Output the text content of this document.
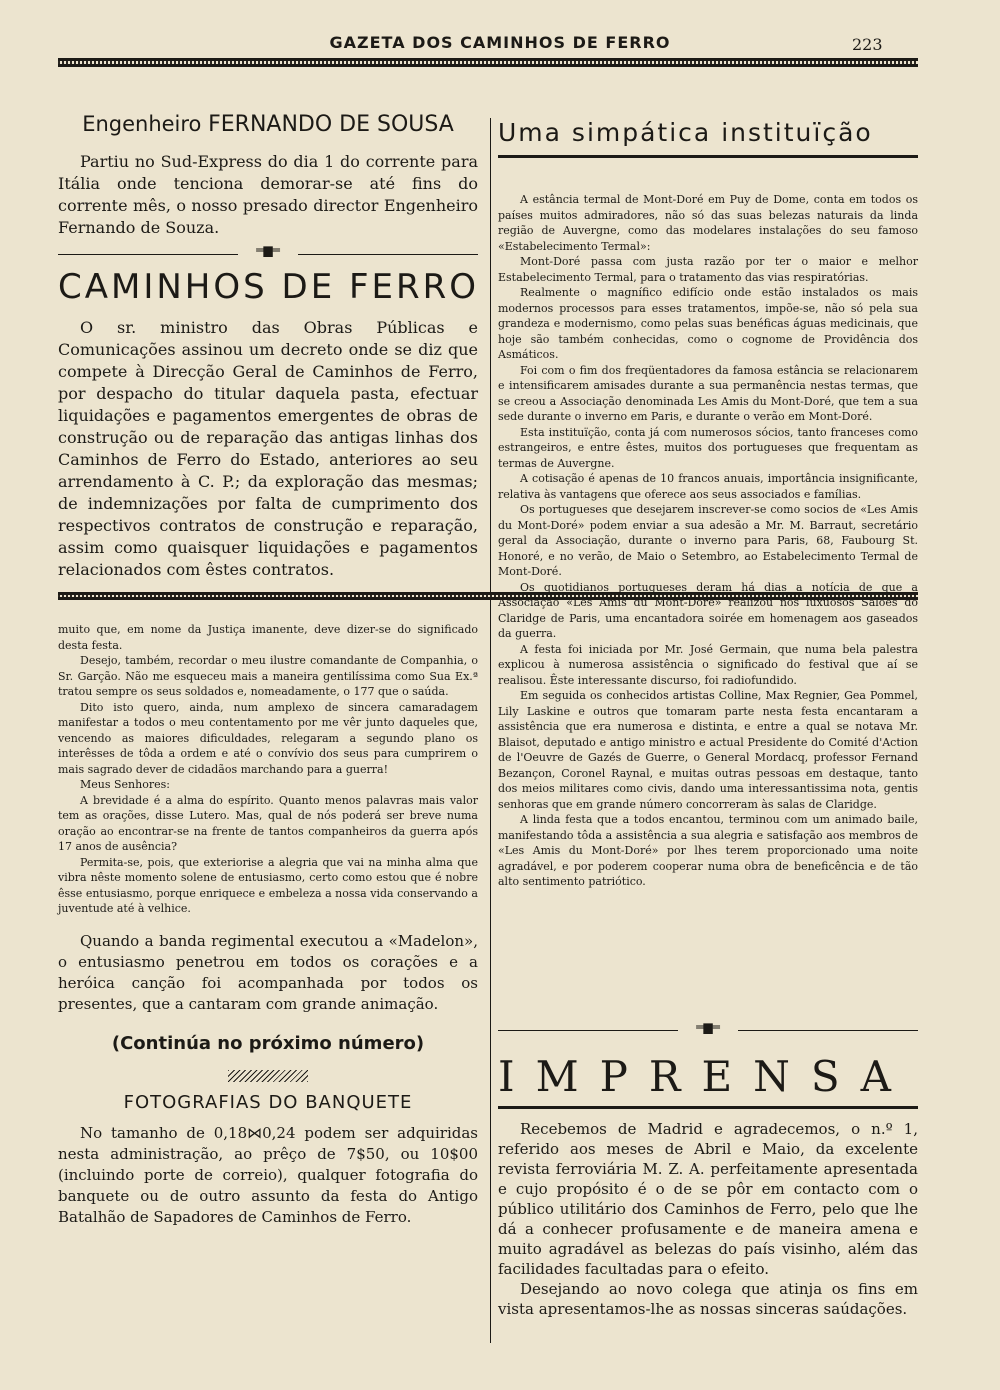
GAZETA DOS CAMINHOS DE FERRO	223
Engenheiro FERNANDO DE SOUSA

Partiu no Sud-Express do dia 1 do corrente para Itália onde tenciona demorar-se até fins do corrente mês, o nosso presado director Engenheiro Fernando de Souza.

═▆═
CAMINHOS DE FERRO

O sr. ministro das Obras Públicas e Comunicações assinou um decreto onde se diz que compete à Direcção Geral de Caminhos de Ferro, por despacho do titular daquela pasta, efectuar liquidações e pagamentos emergentes de obras de construção ou de reparação das antigas linhas dos Caminhos de Ferro do Estado, anteriores ao seu arrendamento à C. P.; da exploração das mesmas; de indemnizações por falta de cumprimento dos respectivos contratos de construção e reparação, assim como quaisquer liquidações e pagamentos relacionados com êstes contratos.

muito que, em nome da Justiça imanente, deve dizer-se do significado desta festa.

Desejo, também, recordar o meu ilustre comandante de Companhia, o Sr. Garção. Não me esqueceu mais a maneira gentilíssima como Sua Ex.ª tratou sempre os seus soldados e, nomeadamente, o 177 que o saúda.

Dito isto quero, ainda, num amplexo de sincera camaradagem manifestar a todos o meu contentamento por me vêr junto daqueles que, vencendo as maiores dificuldades, relegaram a segundo plano os interêsses de tôda a ordem e até o convívio dos seus para cumprirem o mais sagrado dever de cidadãos marchando para a guerra!

Meus Senhores:

A brevidade é a alma do espírito. Quanto menos palavras mais valor tem as orações, disse Lutero. Mas, qual de nós poderá ser breve numa oração ao encontrar-se na frente de tantos companheiros da guerra após 17 anos de ausência?

Permita-se, pois, que exteriorise a alegria que vai na minha alma que vibra nêste momento solene de entusiasmo, certo como estou que é nobre êsse entusiasmo, porque enriquece e embeleza a nossa vida conservando a juventude até à velhice.

Quando a banda regimental executou a «Madelon», o entusiasmo penetrou em todos os corações e a heróica canção foi acompanhada por todos os presentes, que a cantaram com grande animação.

(Continúa no próximo número)
FOTOGRAFIAS DO BANQUETE

No tamanho de 0,18⋈0,24 podem ser adquiridas nesta administração, ao prêço de 7$50, ou 10$00 (incluindo porte de correio), qualquer fotografia do banquete ou de outro assunto da festa do Antigo Batalhão de Sapadores de Caminhos de Ferro.

Uma simpática instituïção

A estância termal de Mont-Doré em Puy de Dome, conta em todos os países muitos admiradores, não só das suas belezas naturais da linda região de Auvergne, como das modelares instalações do seu famoso «Estabelecimento Termal»:

Mont-Doré passa com justa razão por ter o maior e melhor Estabelecimento Termal, para o tratamento das vias respiratórias.

Realmente o magnífico edifício onde estão instalados os mais modernos processos para esses tratamentos, impõe-se, não só pela sua grandeza e modernismo, como pelas suas benéficas águas medicinais, que hoje são também conhecidas, como o cognome de Providência dos Asmáticos.

Foi com o fim dos freqüentadores da famosa estância se relacionarem e intensificarem amisades durante a sua permanência nestas termas, que se creou a Associação denominada Les Amis du Mont-Doré, que tem a sua sede durante o inverno em Paris, e durante o verão em Mont-Doré.

Esta instituïção, conta já com numerosos sócios, tanto franceses como estrangeiros, e entre êstes, muitos dos portugueses que frequentam as termas de Auvergne.

A cotisação é apenas de 10 francos anuais, importância insignificante, relativa às vantagens que oferece aos seus associados e famílias.

Os portugueses que desejarem inscrever-se como socios de «Les Amis du Mont-Doré» podem enviar a sua adesão a Mr. M. Barraut, secretário geral da Associação, durante o inverno para Paris, 68, Faubourg St. Honoré, e no verão, de Maio o Setembro, ao Estabelecimento Termal de Mont-Doré.

Os quotidianos portugueses deram há dias a notícia de que a Associação «Les Amis du Mont-Doré» realizou nos luxuosos Salões do Claridge de Paris, uma encantadora soirée em homenagem aos gaseados da guerra.

A festa foi iniciada por Mr. José Germain, que numa bela palestra explicou à numerosa assistência o significado do festival que aí se realisou. Êste interessante discurso, foi radiofundido.

Em seguida os conhecidos artistas Colline, Max Regnier, Gea Pommel, Lily Laskine e outros que tomaram parte nesta festa encantaram a assistência que era numerosa e distinta, e entre a qual se notava Mr. Blaisot, deputado e antigo ministro e actual Presidente do Comité d'Action de l'Oeuvre de Gazés de Guerre, o General Mordacq, professor Fernand Bezançon, Coronel Raynal, e muitas outras pessoas em destaque, tanto dos meios militares como civis, dando uma interessantissima nota, gentis senhoras que em grande número concorreram às salas de Claridge.

A linda festa que a todos encantou, terminou com um animado baile, manifestando tôda a assistência a sua alegria e satisfação aos membros de «Les Amis du Mont-Doré» por lhes terem proporcionado uma noite agradável, e por poderem cooperar numa obra de beneficência e de tão alto sentimento patriótico.

═▆═
IMPRENSA

Recebemos de Madrid e agradecemos, o n.º 1, referido aos meses de Abril e Maio, da excelente revista ferroviária M. Z. A. perfeitamente apresentada e cujo propósito é o de se pôr em contacto com o público utilitário dos Caminhos de Ferro, pelo que lhe dá a conhecer profusamente e de maneira amena e muito agradável as belezas do país visinho, além das facilidades facultadas para o efeito.

Desejando ao novo colega que atinja os fins em vista apresentamos-lhe as nossas sinceras saúdações.
